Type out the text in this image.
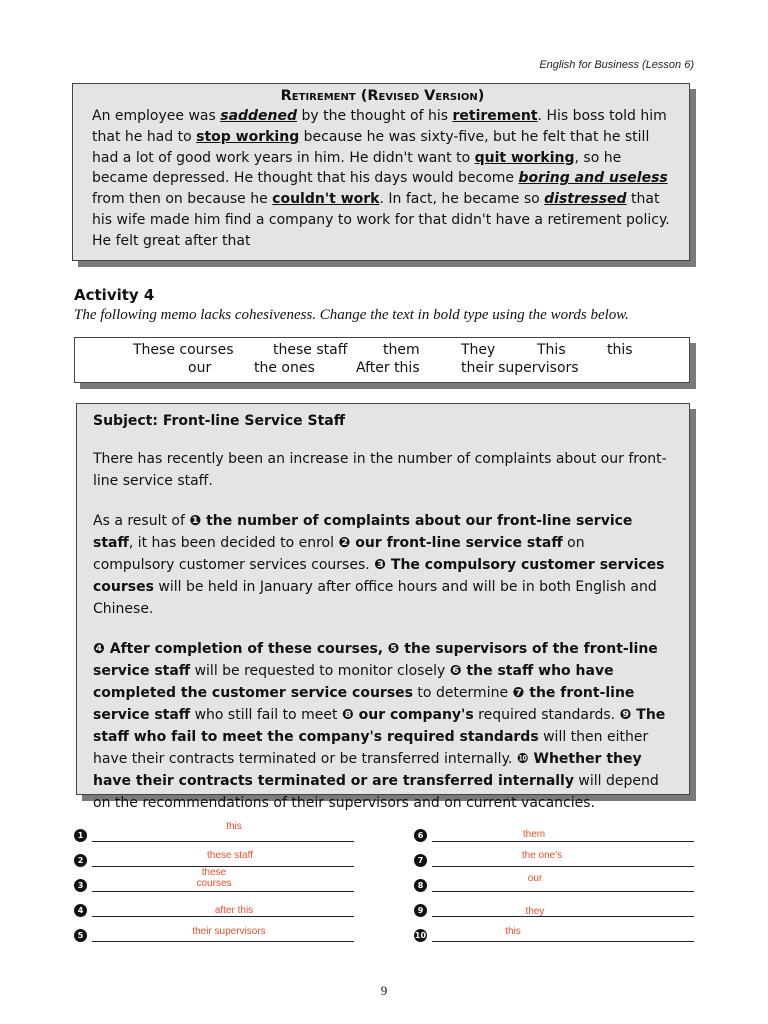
English for Business (Lesson 6)
Retirement (Revised Version)
An employee was saddened by the thought of his retirement. His boss told him that he had to stop working because he was sixty-five, but he felt that he still had a lot of good work years in him. He didn't want to quit working, so he became depressed. He thought that his days would become boring and useless from then on because he couldn't work. In fact, he became so distressed that his wife made him find a company to work for that didn't have a retirement policy. He felt great after that
Activity 4
The following memo lacks cohesiveness. Change the text in bold type using the words below.
These courses	these staff	them	They	This	this
our	the ones	After this	their supervisors

Subject: Front-line Service Staff

There has recently been an increase in the number of complaints about our front-line service staff.

As a result of ❶ the number of complaints about our front-line service staff, it has been decided to enrol ❷ our front-line service staff on compulsory customer services courses. ❸ The compulsory customer services courses will be held in January after office hours and will be in both English and Chinese.

❹ After completion of these courses, ❺ the supervisors of the front-line service staff will be requested to monitor closely ❻ the staff who have completed the customer service courses to determine ❼ the front-line service staff who still fail to meet ❽ our company's required standards. ❾ The staff who fail to meet the company's required standards will then either have their contracts terminated or be transferred internally. ❿ Whether they have their contracts terminated or are transferred internally will depend on the recommendations of their supervisors and on current vacancies.

1
this
2	these staff
3
these
courses
4	after this
5	their supervisors
6	them
7	the one's
8
our
9	they
10	this
9
